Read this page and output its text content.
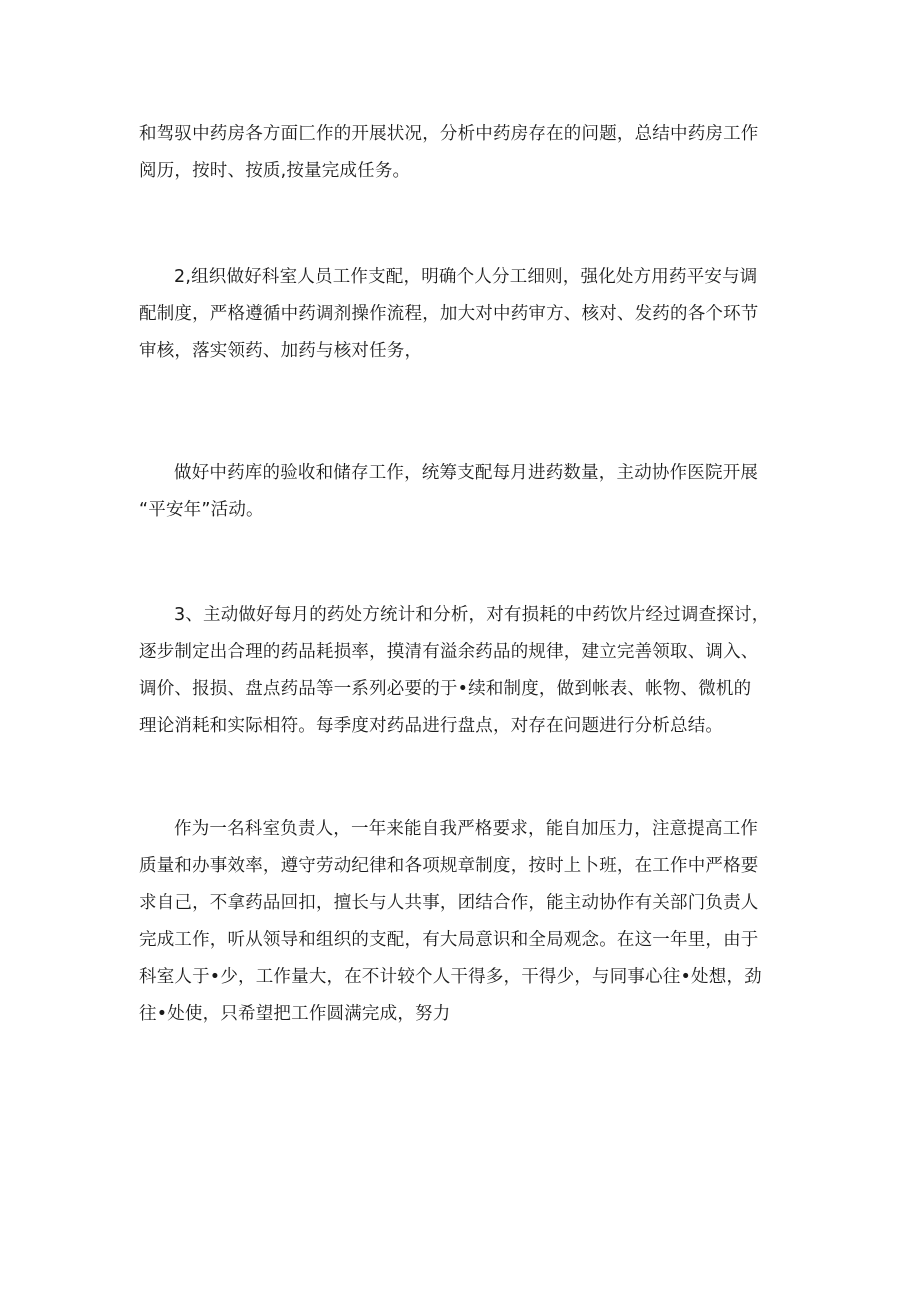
和驾驭中药房各方面匚作的开展状况，分析中药房存在的问题，总结中药房工作
阅历，按时、按质,按量完成任务。

2,组织做好科室人员工作支配，明确个人分工细则，强化处方用药平安与调
配制度，严格遵循中药调剂操作流程，加大对中药审方、核对、发药的各个环节
审核，落实领药、加药与核对任务，

做好中药库的验收和储存工作，统筹支配每月进药数量，主动协作医院开展
“平安年”活动。

3、主动做好每月的药处方统计和分析，对有损耗的中药饮片经过调查探讨，
逐步制定出合理的药品耗损率，摸清有溢余药品的规律，建立完善领取、调入、
调价、报损、盘点药品等一系列必要的于•续和制度，做到帐表、帐物、微机的
理论消耗和实际相符。每季度对药品进行盘点，对存在问题进行分析总结。

作为一名科室负责人，一年来能自我严格要求，能自加压力，注意提高工作
质量和办事效率，遵守劳动纪律和各项规章制度，按时上卜班，在工作中严格要
求自己，不拿药品回扣，擅长与人共事，团结合作，能主动协作有关部门负责人
完成工作，听从领导和组织的支配，有大局意识和全局观念。在这一年里，由于
科室人于•少，工作量大，在不计较个人干得多，干得少，与同事心往•处想，劲
往•处使，只希望把工作圆满完成，努力
